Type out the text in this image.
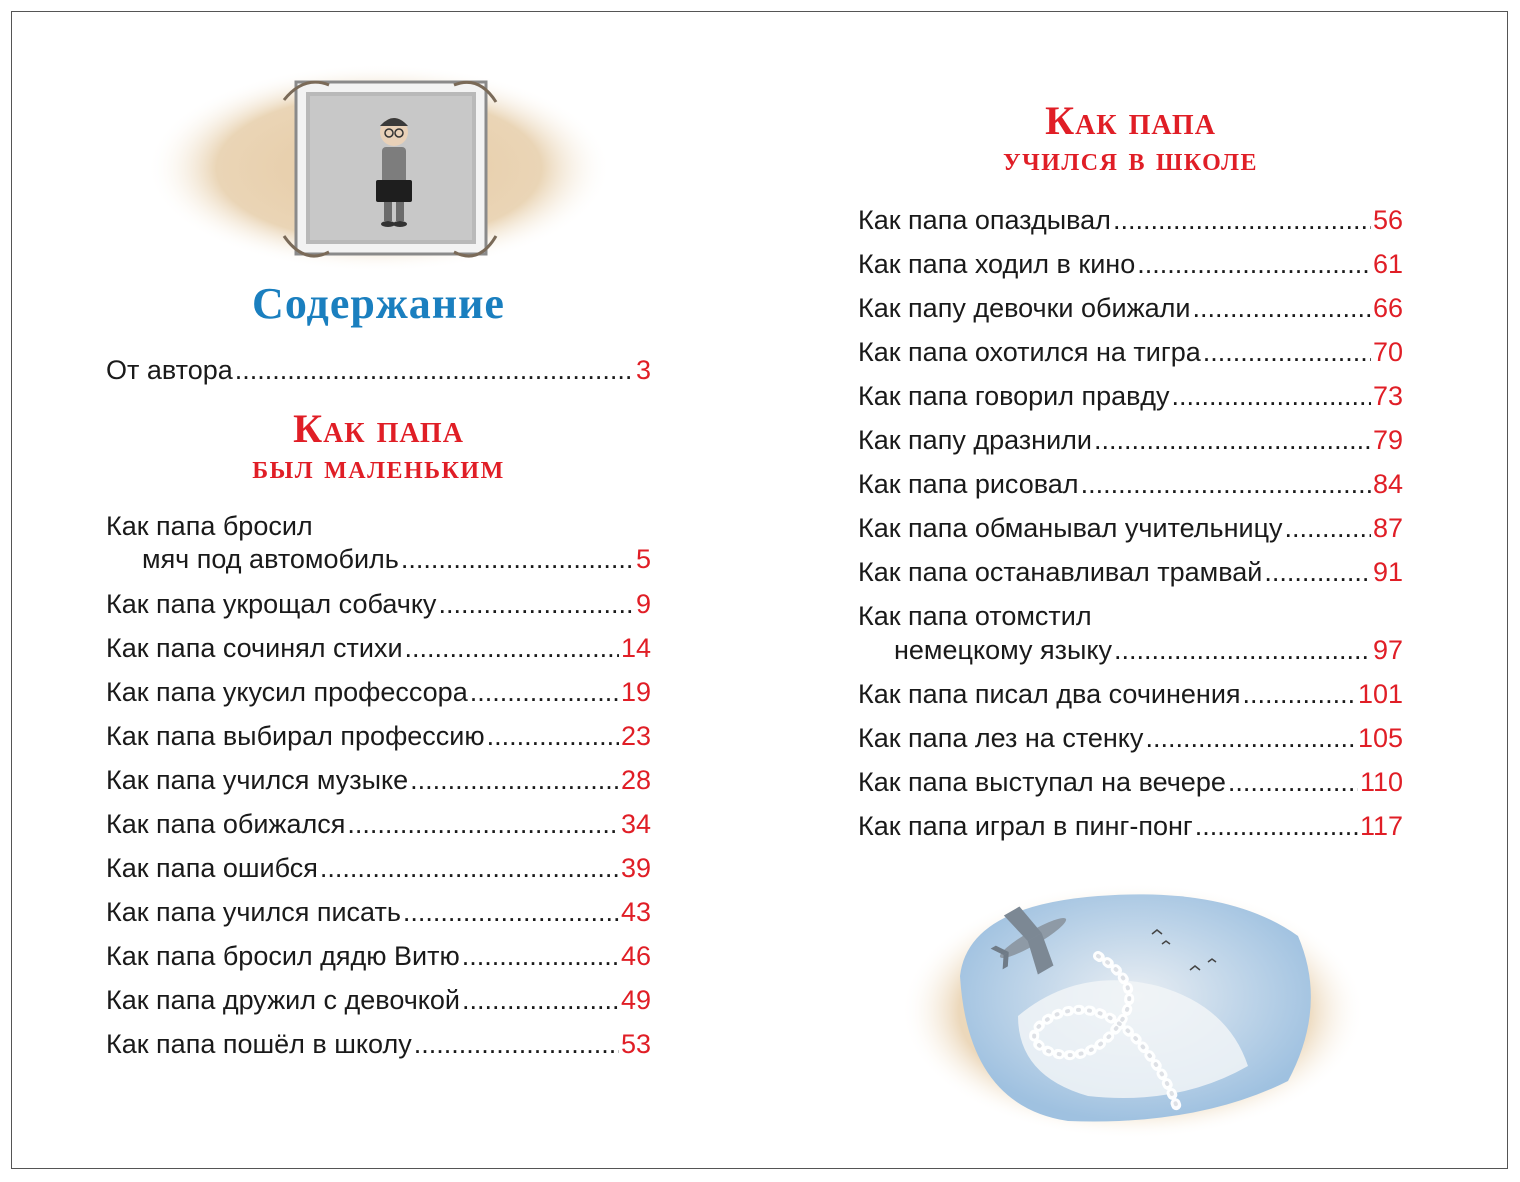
Содержание
От автора .....	3
Как папа
был маленьким
Как папа бросил
мяч под автомобиль .....	5
Как папа укрощал собачку .....	9
Как папа сочинял стихи .....	14
Как папа укусил профессора .....	19
Как папа выбирал профессию .....	23
Как папа учился музыке .....	28
Как папа обижался .....	34
Как папа ошибся .....	39
Как папа учился писать .....	43
Как папа бросил дядю Витю .....	46
Как папа дружил с девочкой .....	49
Как папа пошёл в школу .....	53
Как папа
учился в школе
Как папа опаздывал .....	56
Как папа ходил в кино .....	61
Как папу девочки обижали .....	66
Как папа охотился на тигра .....	70
Как папа говорил правду .....	73
Как папу дразнили .....	79
Как папа рисовал .....	84
Как папа обманывал учительницу .....	87
Как папа останавливал трамвай .....	91
Как папа отомстил
немецкому языку .....	97
Как папа писал два сочинения .....	101
Как папа лез на стенку .....	105
Как папа выступал на вечере .....	110
Как папа играл в пинг-понг .....	117
